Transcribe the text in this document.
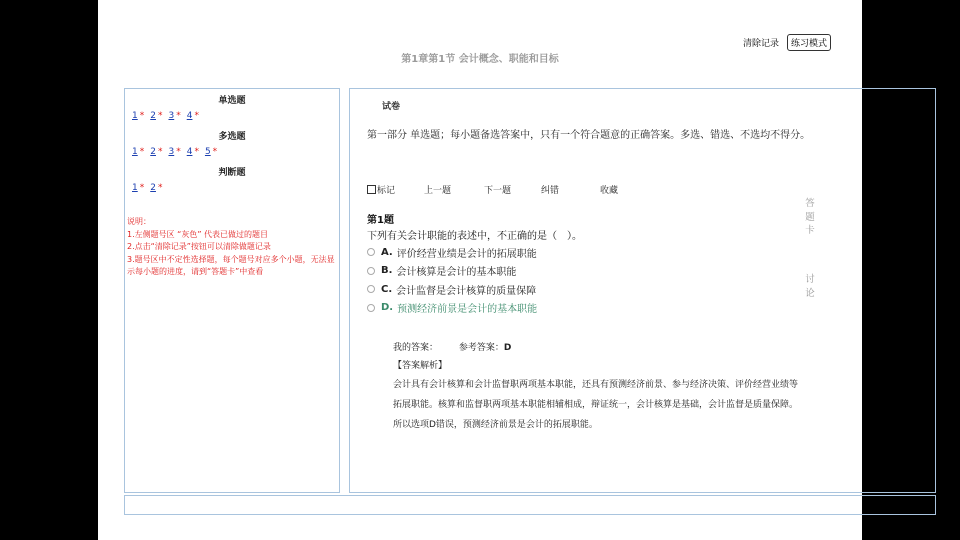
清除记录	练习模式
第1章第1节 会计概念、职能和目标
单选题
1 * 2 * 3 * 4 *
多选题
1 * 2 * 3 * 4 * 5 *
判断题
1 * 2 *
说明：
1.左侧题号区 “灰色” 代表已做过的题目
2.点击“清除记录”按钮可以清除做题记录
3.题号区中不定性选择题，每个题号对应多个小题，无法显示每小题的进度，请到“答题卡”中查看
试卷
第一部分 单选题；每小题备选答案中，只有一个符合题意的正确答案。多选、错选、不选均不得分。
标记	上一题	下一题	纠错	收藏
第1题
下列有关会计职能的表述中，不正确的是（　）。
A. 评价经营业绩是会计的拓展职能
B. 会计核算是会计的基本职能
C. 会计监督是会计核算的质量保障
D. 预测经济前景是会计的基本职能
我的答案： 参考答案：D
【答案解析】
会计具有会计核算和会计监督职两项基本职能，还具有预测经济前景、参与经济决策、评价经营业绩等拓展职能。核算和监督职两项基本职能相辅相成，辩证统一，会计核算是基础，会计监督是质量保障。所以选项D错误，预测经济前景是会计的拓展职能。
答题卡
讨论
